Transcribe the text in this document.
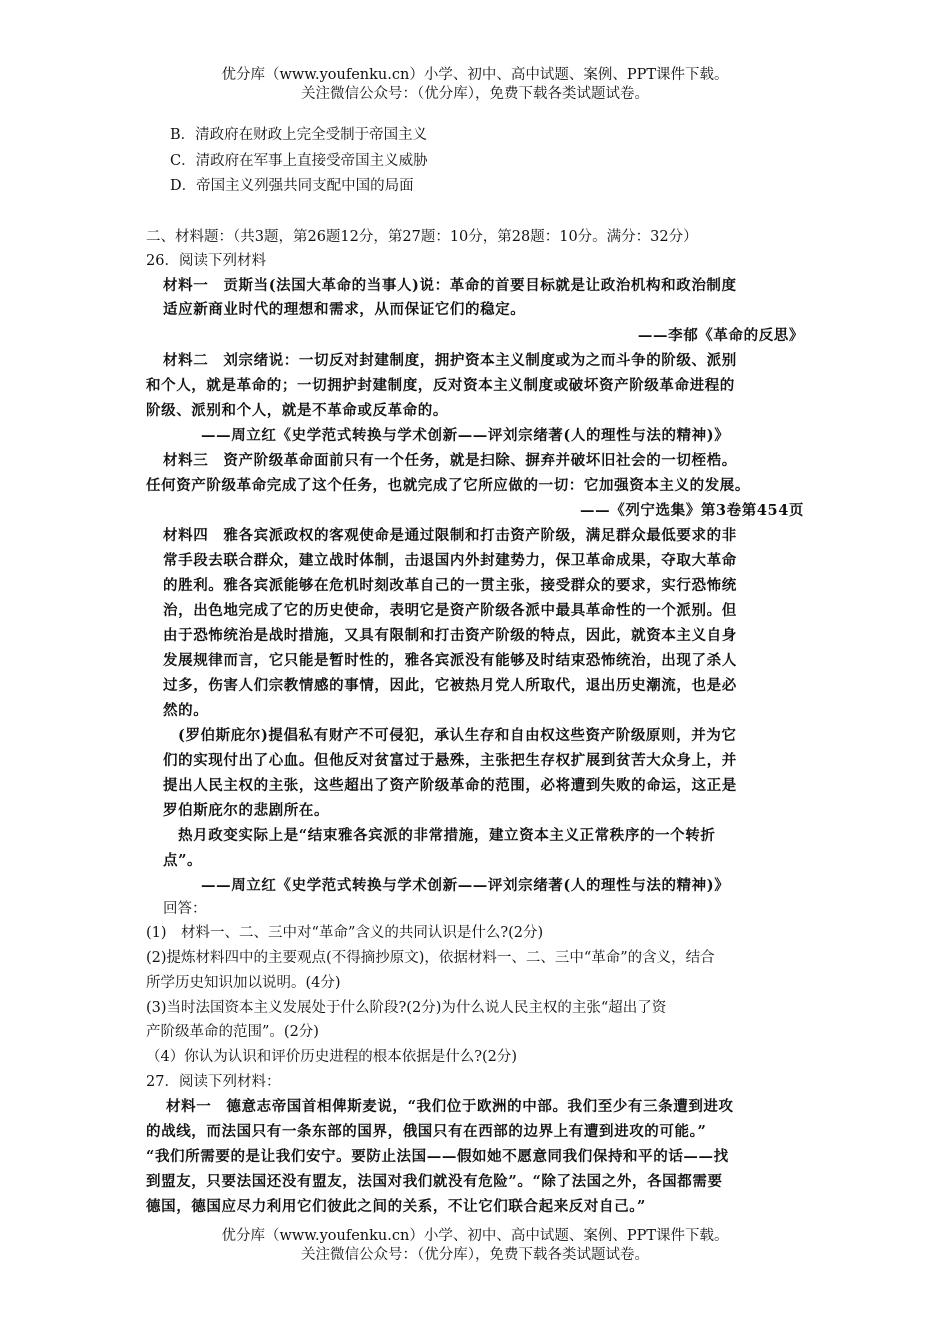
优分库（www.youfenku.cn）小学、初中、高中试题、案例、PPT课件下载。
关注微信公众号：（优分库），免费下载各类试题试卷。
B．清政府在财政上完全受制于帝国主义
C．清政府在军事上直接受帝国主义威胁
D．帝国主义列强共同支配中国的局面
二、材料题：（共3题，第26题12分，第27题：10分，第28题：10分。满分：32分）
26．阅读下列材料
材料一　贡斯当(法国大革命的当事人)说：革命的首要目标就是让政治机构和政治制度
适应新商业时代的理想和需求，从而保证它们的稳定。
——李郁《革命的反思》
材料二　刘宗绪说：一切反对封建制度，拥护资本主义制度或为之而斗争的阶级、派别
和个人，就是革命的；一切拥护封建制度，反对资本主义制度或破坏资产阶级革命进程的
阶级、派别和个人，就是不革命或反革命的。
——周立红《史学范式转换与学术创新——评刘宗绪著(人的理性与法的精神)》
材料三　资产阶级革命面前只有一个任务，就是扫除、摒弃并破坏旧社会的一切桎梏。
任何资产阶级革命完成了这个任务，也就完成了它所应做的一切：它加强资本主义的发展。
——《列宁选集》第3卷第454页
材料四　雅各宾派政权的客观使命是通过限制和打击资产阶级，满足群众最低要求的非
常手段去联合群众，建立战时体制，击退国内外封建势力，保卫革命成果，夺取大革命
的胜利。雅各宾派能够在危机时刻改革自己的一贯主张，接受群众的要求，实行恐怖统
治，出色地完成了它的历史使命，表明它是资产阶级各派中最具革命性的一个派别。但
由于恐怖统治是战时措施，又具有限制和打击资产阶级的特点，因此，就资本主义自身
发展规律而言，它只能是暂时性的，雅各宾派没有能够及时结束恐怖统治，出现了杀人
过多，伤害人们宗教情感的事情，因此，它被热月党人所取代，退出历史潮流，也是必
然的。
(罗伯斯庇尔)提倡私有财产不可侵犯，承认生存和自由权这些资产阶级原则，并为它
们的实现付出了心血。但他反对贫富过于悬殊，主张把生存权扩展到贫苦大众身上，并
提出人民主权的主张，这些超出了资产阶级革命的范围，必将遭到失败的命运，这正是
罗伯斯庇尔的悲剧所在。
热月政变实际上是“结束雅各宾派的非常措施，建立资本主义正常秩序的一个转折
点”。
——周立红《史学范式转换与学术创新——评刘宗绪著(人的理性与法的精神)》
回答：
(1)　材料一、二、三中对“革命”含义的共同认识是什么?(2分)
(2)提炼材料四中的主要观点(不得摘抄原文)，依据材料一、二、三中“革命”的含义，结合
所学历史知识加以说明。(4分)
(3)当时法国资本主义发展处于什么阶段?(2分)为什么说人民主权的主张“超出了资
产阶级革命的范围”。(2分)
（4）你认为认识和评价历史进程的根本依据是什么?(2分)
27．阅读下列材料：
材料一　德意志帝国首相俾斯麦说，“我们位于欧洲的中部。我们至少有三条遭到进攻
的战线，而法国只有一条东部的国界，俄国只有在西部的边界上有遭到进攻的可能。”
“我们所需要的是让我们安宁。要防止法国——假如她不愿意同我们保持和平的话——找
到盟友，只要法国还没有盟友，法国对我们就没有危险”。“除了法国之外，各国都需要
德国，德国应尽力利用它们彼此之间的关系，不让它们联合起来反对自己。”
优分库（www.youfenku.cn）小学、初中、高中试题、案例、PPT课件下载。
关注微信公众号：（优分库），免费下载各类试题试卷。
